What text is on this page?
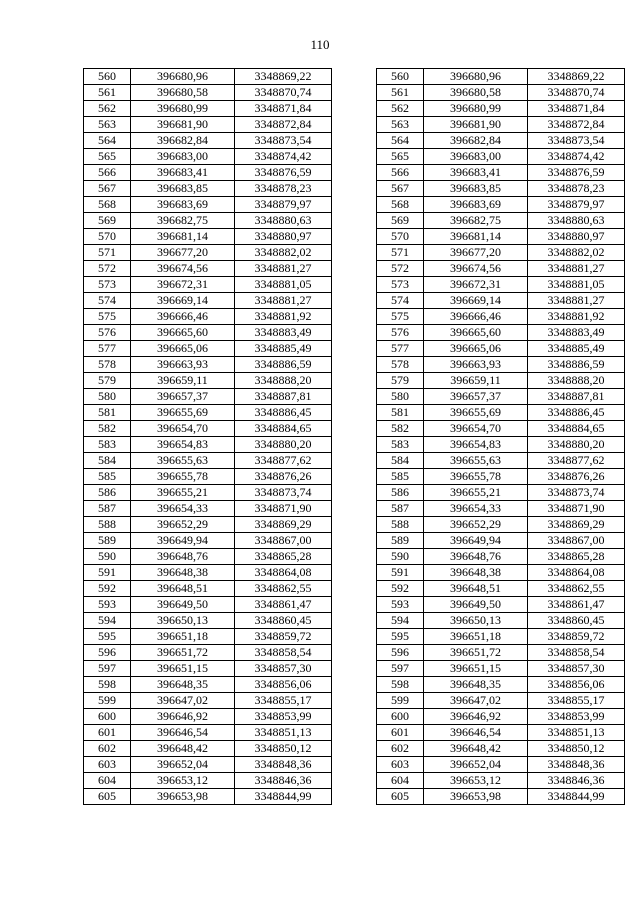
110
560	396680,96	3348869,22
561	396680,58	3348870,74
562	396680,99	3348871,84
563	396681,90	3348872,84
564	396682,84	3348873,54
565	396683,00	3348874,42
566	396683,41	3348876,59
567	396683,85	3348878,23
568	396683,69	3348879,97
569	396682,75	3348880,63
570	396681,14	3348880,97
571	396677,20	3348882,02
572	396674,56	3348881,27
573	396672,31	3348881,05
574	396669,14	3348881,27
575	396666,46	3348881,92
576	396665,60	3348883,49
577	396665,06	3348885,49
578	396663,93	3348886,59
579	396659,11	3348888,20
580	396657,37	3348887,81
581	396655,69	3348886,45
582	396654,70	3348884,65
583	396654,83	3348880,20
584	396655,63	3348877,62
585	396655,78	3348876,26
586	396655,21	3348873,74
587	396654,33	3348871,90
588	396652,29	3348869,29
589	396649,94	3348867,00
590	396648,76	3348865,28
591	396648,38	3348864,08
592	396648,51	3348862,55
593	396649,50	3348861,47
594	396650,13	3348860,45
595	396651,18	3348859,72
596	396651,72	3348858,54
597	396651,15	3348857,30
598	396648,35	3348856,06
599	396647,02	3348855,17
600	396646,92	3348853,99
601	396646,54	3348851,13
602	396648,42	3348850,12
603	396652,04	3348848,36
604	396653,12	3348846,36
605	396653,98	3348844,99
560	396680,96	3348869,22
561	396680,58	3348870,74
562	396680,99	3348871,84
563	396681,90	3348872,84
564	396682,84	3348873,54
565	396683,00	3348874,42
566	396683,41	3348876,59
567	396683,85	3348878,23
568	396683,69	3348879,97
569	396682,75	3348880,63
570	396681,14	3348880,97
571	396677,20	3348882,02
572	396674,56	3348881,27
573	396672,31	3348881,05
574	396669,14	3348881,27
575	396666,46	3348881,92
576	396665,60	3348883,49
577	396665,06	3348885,49
578	396663,93	3348886,59
579	396659,11	3348888,20
580	396657,37	3348887,81
581	396655,69	3348886,45
582	396654,70	3348884,65
583	396654,83	3348880,20
584	396655,63	3348877,62
585	396655,78	3348876,26
586	396655,21	3348873,74
587	396654,33	3348871,90
588	396652,29	3348869,29
589	396649,94	3348867,00
590	396648,76	3348865,28
591	396648,38	3348864,08
592	396648,51	3348862,55
593	396649,50	3348861,47
594	396650,13	3348860,45
595	396651,18	3348859,72
596	396651,72	3348858,54
597	396651,15	3348857,30
598	396648,35	3348856,06
599	396647,02	3348855,17
600	396646,92	3348853,99
601	396646,54	3348851,13
602	396648,42	3348850,12
603	396652,04	3348848,36
604	396653,12	3348846,36
605	396653,98	3348844,99
